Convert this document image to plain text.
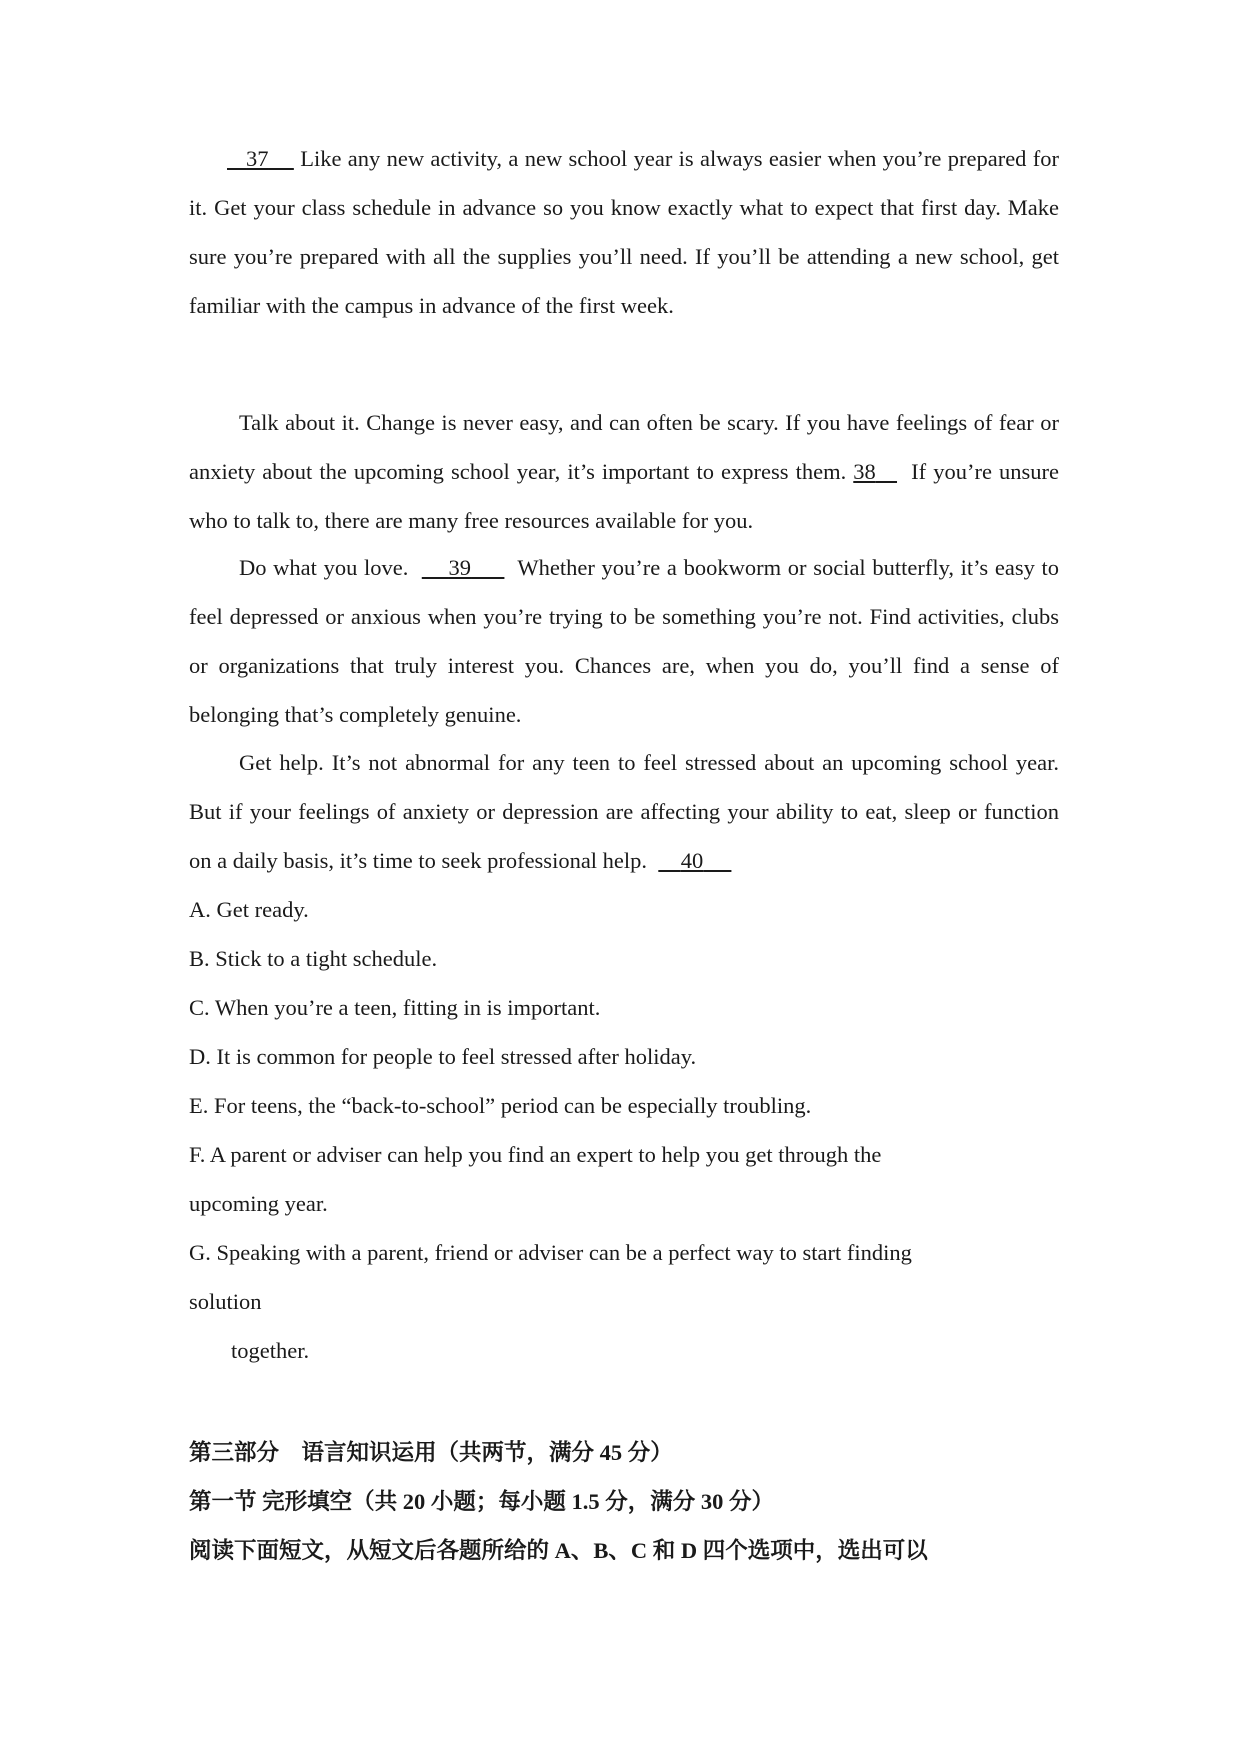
37 Like any new activity, a new school year is always easier when you’re prepared for it. Get your class schedule in advance so you know exactly what to expect that first day. Make sure you’re prepared with all the supplies you’ll need. If you’ll be attending a new school, get familiar with the campus in advance of the first week.

Talk about it. Change is never easy, and can often be scary. If you have feelings of fear or anxiety about the upcoming school year, it’s important to express them. 38 If you’re unsure who to talk to, there are many free resources available for you.

Do what you love. 39 Whether you’re a bookworm or social butterfly, it’s easy to feel depressed or anxious when you’re trying to be something you’re not. Find activities, clubs or organizations that truly interest you. Chances are, when you do, you’ll find a sense of belonging that’s completely genuine.

Get help. It’s not abnormal for any teen to feel stressed about an upcoming school year. But if your feelings of anxiety or depression are affecting your ability to eat, sleep or function on a daily basis, it’s time to seek professional help. 40

A. Get ready.

B. Stick to a tight schedule.

C. When you’re a teen, fitting in is important.

D. It is common for people to feel stressed after holiday.

E. For teens, the “back-to-school” period can be especially troubling.

F. A parent or adviser can help you find an expert to help you get through the

upcoming year.

G. Speaking with a parent, friend or adviser can be a perfect way to start finding

solution

together.

第三部分　语言知识运用（共两节，满分 45 分）

第一节 完形填空（共 20 小题；每小题 1.5 分，满分 30 分）

阅读下面短文，从短文后各题所给的 A、B、C 和 D 四个选项中，选出可以
